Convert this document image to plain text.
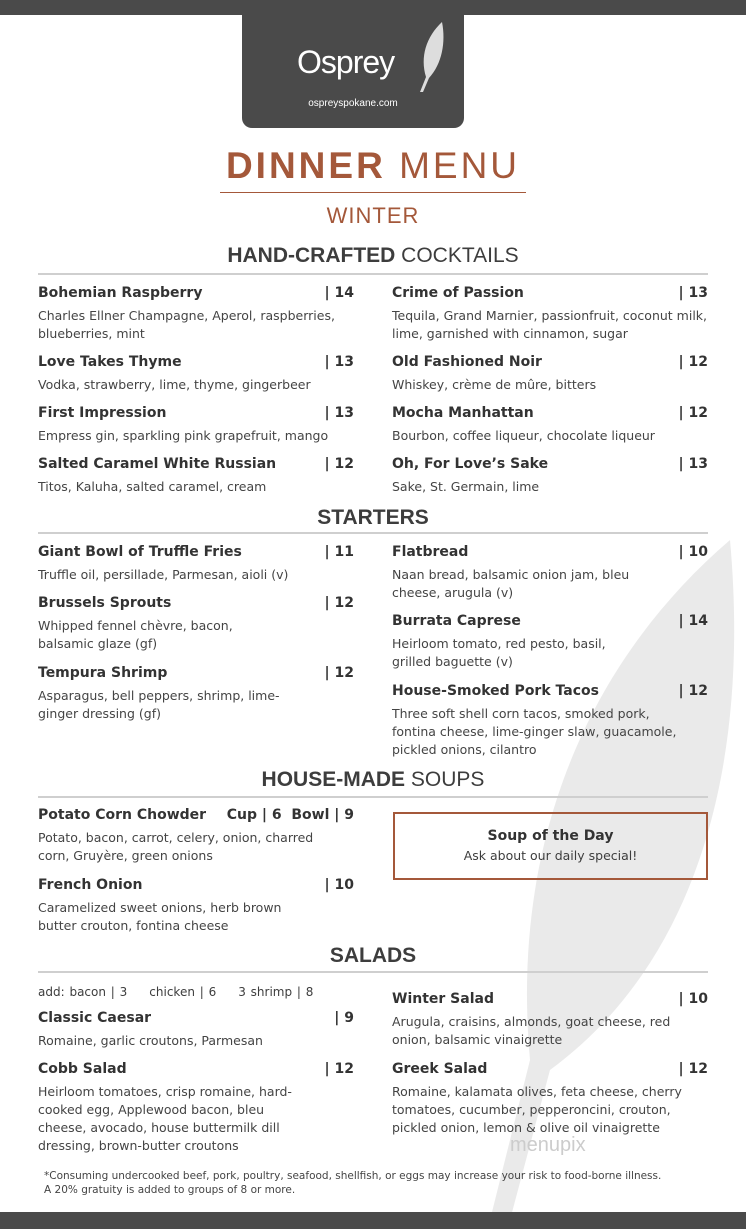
Osprey
ospreyspokane.com
DINNER MENU
WINTER
HAND-CRAFTED COCKTAILS
Bohemian Raspberry	| 14
Charles Ellner Champagne, Aperol, raspberries, blueberries, mint
Love Takes Thyme	| 13
Vodka, strawberry, lime, thyme, gingerbeer
First Impression	| 13
Empress gin, sparkling pink grapefruit, mango
Salted Caramel White Russian	| 12
Titos, Kaluha, salted caramel, cream
Crime of Passion	| 13
Tequila, Grand Marnier, passionfruit, coconut milk, lime, garnished with cinnamon, sugar
Old Fashioned Noir	| 12
Whiskey, crème de mûre, bitters
Mocha Manhattan	| 12
Bourbon, coffee liqueur, chocolate liqueur
Oh, For Love’s Sake	| 13
Sake, St. Germain, lime
STARTERS
Giant Bowl of Truffle Fries	| 11
Truffle oil, persillade, Parmesan, aioli (v)
Brussels Sprouts	| 12
Whipped fennel chèvre, bacon, balsamic glaze (gf)
Tempura Shrimp	| 12
Asparagus, bell peppers, shrimp, lime-ginger dressing (gf)
Flatbread	| 10
Naan bread, balsamic onion jam, bleu cheese, arugula (v)
Burrata Caprese	| 14
Heirloom tomato, red pesto, basil, grilled baguette (v)
House-Smoked Pork Tacos	| 12
Three soft shell corn tacos, smoked pork, fontina cheese, lime-ginger slaw, guacamole, pickled onions, cilantro
HOUSE-MADE SOUPS
Potato Corn Chowder Cup | 6  Bowl | 9
Potato, bacon, carrot, celery, onion, charred corn, Gruyère, green onions
French Onion	| 10
Caramelized sweet onions, herb brown butter crouton, fontina cheese
Soup of the Day
Ask about our daily special!
SALADS
add: bacon | 3 chicken | 6 3 shrimp | 8
Classic Caesar	| 9
Romaine, garlic croutons, Parmesan
Cobb Salad	| 12
Heirloom tomatoes, crisp romaine, hard-cooked egg, Applewood bacon, bleu cheese, avocado, house buttermilk dill dressing, brown-butter croutons
Winter Salad	| 10
Arugula, craisins, almonds, goat cheese, red onion, balsamic vinaigrette
Greek Salad	| 12
Romaine, kalamata olives, feta cheese, cherry tomatoes, cucumber, pepperoncini, crouton, pickled onion, lemon & olive oil vinaigrette
menupix
*Consuming undercooked beef, pork, poultry, seafood, shellfish, or eggs may increase your risk to food-borne illness.
A 20% gratuity is added to groups of 8 or more.
